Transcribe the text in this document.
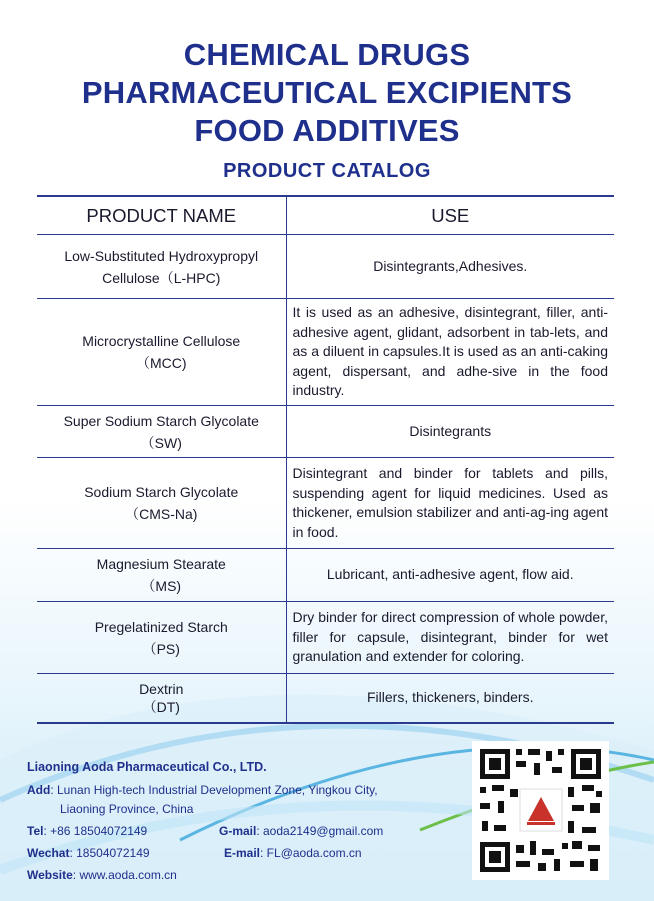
CHEMICAL DRUGS
PHARMACEUTICAL EXCIPIENTS
FOOD ADDITIVES
PRODUCT CATALOG
PRODUCT NAME	USE

Low-Substituted Hydroxypropyl
Cellulose（L-HPC)	Disintegrants,Adhesives.

Microcrystalline Cellulose
（MCC)	It is used as an adhesive, disintegrant, filler, anti-adhesive agent, glidant, adsorbent in tab-lets, and as a diluent in capsules.It is used as an anti-caking agent, dispersant, and adhe-sive in the food industry.

Super Sodium Starch Glycolate
（SW)	Disintegrants

Sodium Starch Glycolate
（CMS-Na)	Disintegrant and binder for tablets and pills, suspending agent for liquid medicines. Used as thickener, emulsion stabilizer and anti-ag-ing agent in food.

Magnesium Stearate
（MS)	Lubricant, anti-adhesive agent, flow aid.

Pregelatinized Starch
（PS)	Dry binder for direct compression of whole powder, filler for capsule, disintegrant, binder for wet granulation and extender for coloring.

Dextrin
（DT)	Fillers, thickeners, binders.
Liaoning Aoda Pharmaceutical Co., LTD.
Add: Lunan High-tech Industrial Development Zone, Yingkou City,
Liaoning Province, China
Tel: +86 18504072149	G-mail: aoda2149@gmail.com
Wechat: 18504072149	E-mail: FL@aoda.com.cn
Website: www.aoda.com.cn
